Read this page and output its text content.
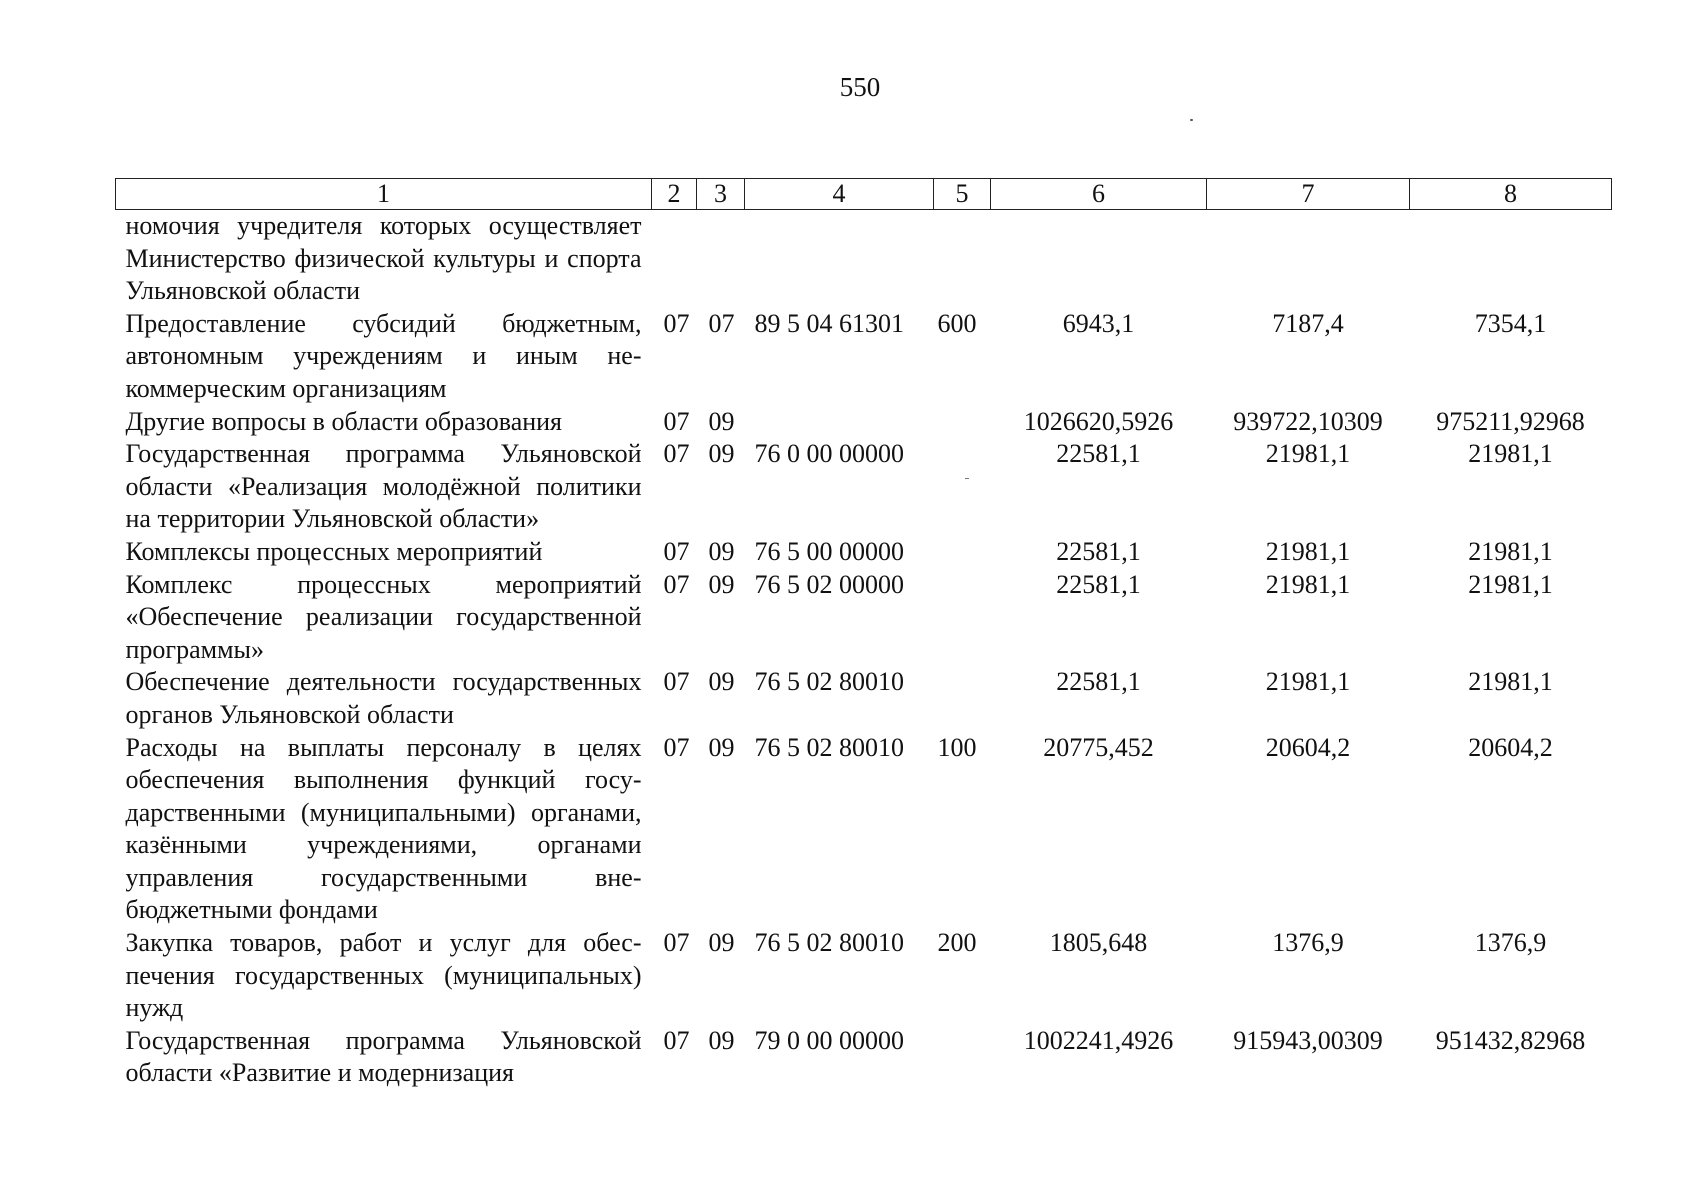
550
1	2	3	4	5	6	7	8
номочия учредителя которых осуществляет Министерство физической культуры и спорта Ульяновской области							
Предоставление субсидий бюджетным, автономным учреждениям и иным некоммерческим организациям	07	07	89 5 04 61301	600	6943,1	7187,4	7354,1
Другие вопросы в области образования	07	09			1026620,5926	939722,10309	975211,92968
Государственная программа Ульяновской области «Реализация молодёжной политики на территории Ульяновской области»	07	09	76 0 00 00000		22581,1	21981,1	21981,1
Комплексы процессных мероприятий	07	09	76 5 00 00000		22581,1	21981,1	21981,1
Комплекс процессных мероприятий «Обеспечение реализации государственной программы»	07	09	76 5 02 00000		22581,1	21981,1	21981,1
Обеспечение деятельности государственных органов Ульяновской области	07	09	76 5 02 80010		22581,1	21981,1	21981,1
Расходы на выплаты персоналу в целях обеспечения выполнения функций государственными (муниципальными) органами, казёнными учреждениями, органами управления государственными внебюджетными фондами	07	09	76 5 02 80010	100	20775,452	20604,2	20604,2
Закупка товаров, работ и услуг для обеспечения государственных (муниципальных) нужд	07	09	76 5 02 80010	200	1805,648	1376,9	1376,9
Государственная программа Ульяновской области «Развитие и модернизация	07	09	79 0 00 00000		1002241,4926	915943,00309	951432,82968
